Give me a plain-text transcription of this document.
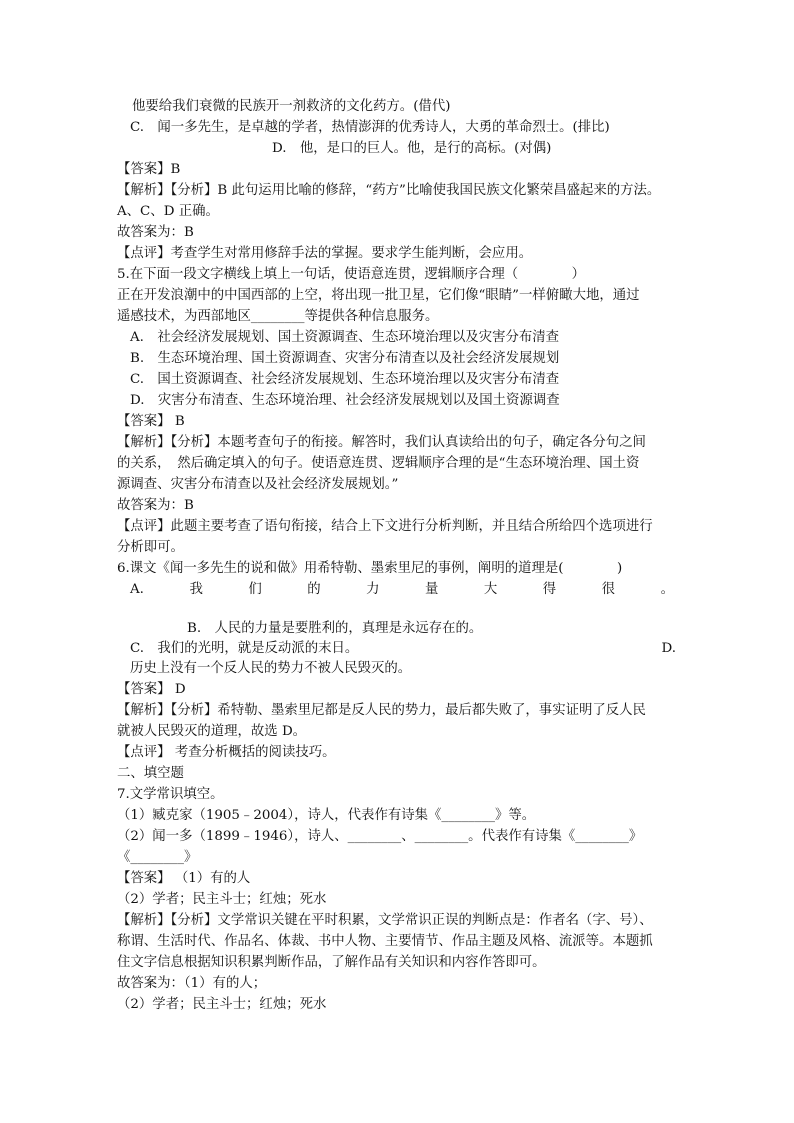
他要给我们衰微的民族开一剂救济的文化药方。(借代)
C.　闻一多先生，是卓越的学者，热情澎湃的优秀诗人，大勇的革命烈士。(排比)
D.　他，是口的巨人。他，是行的高标。(对偶)
【答案】B
【解析】【分析】B 此句运用比喻的修辞，“药方”比喻使我国民族文化繁荣昌盛起来的方法。
A、C、D 正确。
故答案为：B
【点评】考查学生对常用修辞手法的掌握。要求学生能判断，会应用。
5.在下面一段文字横线上填上一句话，使语意连贯，逻辑顺序合理（　　　　）
正在开发浪潮中的中国西部的上空，将出现一批卫星，它们像“眼睛”一样俯瞰大地，通过
遥感技术，为西部地区________等提供各种信息服务。
A.　社会经济发展规划、国土资源调查、生态环境治理以及灾害分布清查
B.　生态环境治理、国土资源调查、灾害分布清查以及社会经济发展规划
C.　国土资源调查、社会经济发展规划、生态环境治理以及灾害分布清查
D.　灾害分布清查、生态环境治理、社会经济发展规划以及国土资源调查
【答案】 B
【解析】【分析】本题考查句子的衔接。解答时，我们认真读给出的句子，确定各分句之间
的关系，　然后确定填入的句子。使语意连贯、逻辑顺序合理的是“生态环境治理、国土资
源调查、灾害分布清查以及社会经济发展规划。”
故答案为：B
【点评】此题主要考查了语句衔接，结合上下文进行分析判断，并且结合所给四个选项进行
分析即可。
6.课文《闻一多先生的说和做》用希特勒、墨索里尼的事例，阐明的道理是(　　　　)
A.	我	们	的	力	量	大	得	很	。
B.　人民的力量是要胜利的，真理是永远存在的。
C.　我们的光明，就是反动派的末日。	D.
历史上没有一个反人民的势力不被人民毁灭的。
【答案】 D
【解析】【分析】希特勒、墨索里尼都是反人民的势力，最后都失败了，事实证明了反人民
就被人民毁灭的道理，故选 D。
【点评】 考查分析概括的阅读技巧。
二、填空题
7.文学常识填空。
（1）臧克家（1905﹣2004），诗人，代表作有诗集《________》等。
（2）闻一多（1899﹣1946），诗人、________、________。代表作有诗集《________》
《________》
【答案】 （1）有的人
（2）学者；民主斗士；红烛；死水
【解析】【分析】文学常识关键在平时积累，文学常识正误的判断点是：作者名（字、号）、
称谓、生活时代、作品名、体裁、书中人物、主要情节、作品主题及风格、流派等。本题抓
住文字信息根据知识积累判断作品，了解作品有关知识和内容作答即可。
故答案为：（1）有的人；
（2）学者；民主斗士；红烛；死水
